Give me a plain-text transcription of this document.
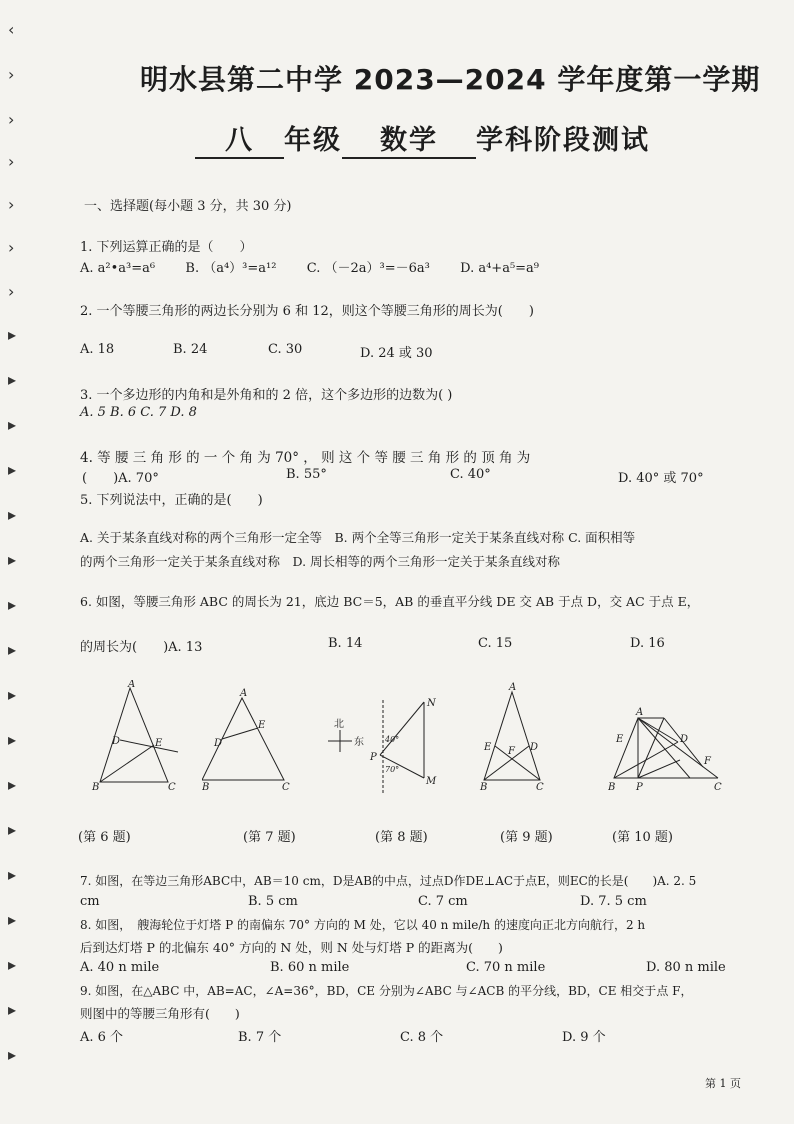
‹
›
›
›
›
›
›
▸
▸
▸
▸
▸
▸
▸
▸
▸
▸
▸
▸
▸
▸
▸
▸
▸
明水县第二中学 2023—2024 学年度第一学期
八 年级 数学 学科阶段测试
一、选择题(每小题 3 分，共 30 分)
1. 下列运算正确的是（　　）
A. a²•a³=a⁶ B. （a⁴）³=a¹² C. （－2a）³=－6a³ D. a⁴+a⁵=a⁹
2. 一个等腰三角形的两边长分别为 6 和 12，则这个等腰三角形的周长为(　　)
A. 18	B. 24	C. 30	D. 24 或 30
3. 一个多边形的内角和是外角和的 2 倍，这个多边形的边数为( )
A. 5 B. 6 C. 7 D. 8
4. 等 腰 三 角 形 的 一 个 角 为 70° ， 则 这 个 等 腰 三 角 形 的 顶 角 为
(　　)A. 70°	B. 55°	C. 40°	D. 40° 或 70°
5. 下列说法中，正确的是(　　)
A. 关于某条直线对称的两个三角形一定全等　B. 两个全等三角形一定关于某条直线对称 C. 面积相等
的两个三角形一定关于某条直线对称　D. 周长相等的两个三角形一定关于某条直线对称
6. 如图，等腰三角形 ABC 的周长为 21，底边 BC＝5，AB 的垂直平分线 DE 交 AB 于点 D，交 AC 于点 E，
的周长为(　　)A. 13	B. 14	C. 15	D. 16
A
D	E
B	C
A
E
D
B	C
北
东	40°
70°
N
P
M
A
E F D
B	C
A
E	D
F
B P	C
(第 6 题)	(第 7 题)	(第 8 题)	(第 9 题)	(第 10 题)
7. 如图，在等边三角形ABC中，AB＝10 cm，D是AB的中点，过点D作DE⊥AC于点E，则EC的长是(　　)A. 2. 5
cm	B. 5 cm	C. 7 cm	D. 7. 5 cm
8. 如图，　艘海轮位于灯塔 P 的南偏东 70° 方向的 M 处，它以 40 n mile/h 的速度向正北方向航行，2 h
后到达灯塔 P 的北偏东 40° 方向的 N 处，则 N 处与灯塔 P 的距离为(　　)
A. 40 n mile	B. 60 n mile	C. 70 n mile	D. 80 n mile
9. 如图，在△ABC 中，AB=AC，∠A=36°，BD，CE 分别为∠ABC 与∠ACB 的平分线，BD，CE 相交于点 F，
则图中的等腰三角形有(　　)
A. 6 个	B. 7 个	C. 8 个	D. 9 个
第 1 页
